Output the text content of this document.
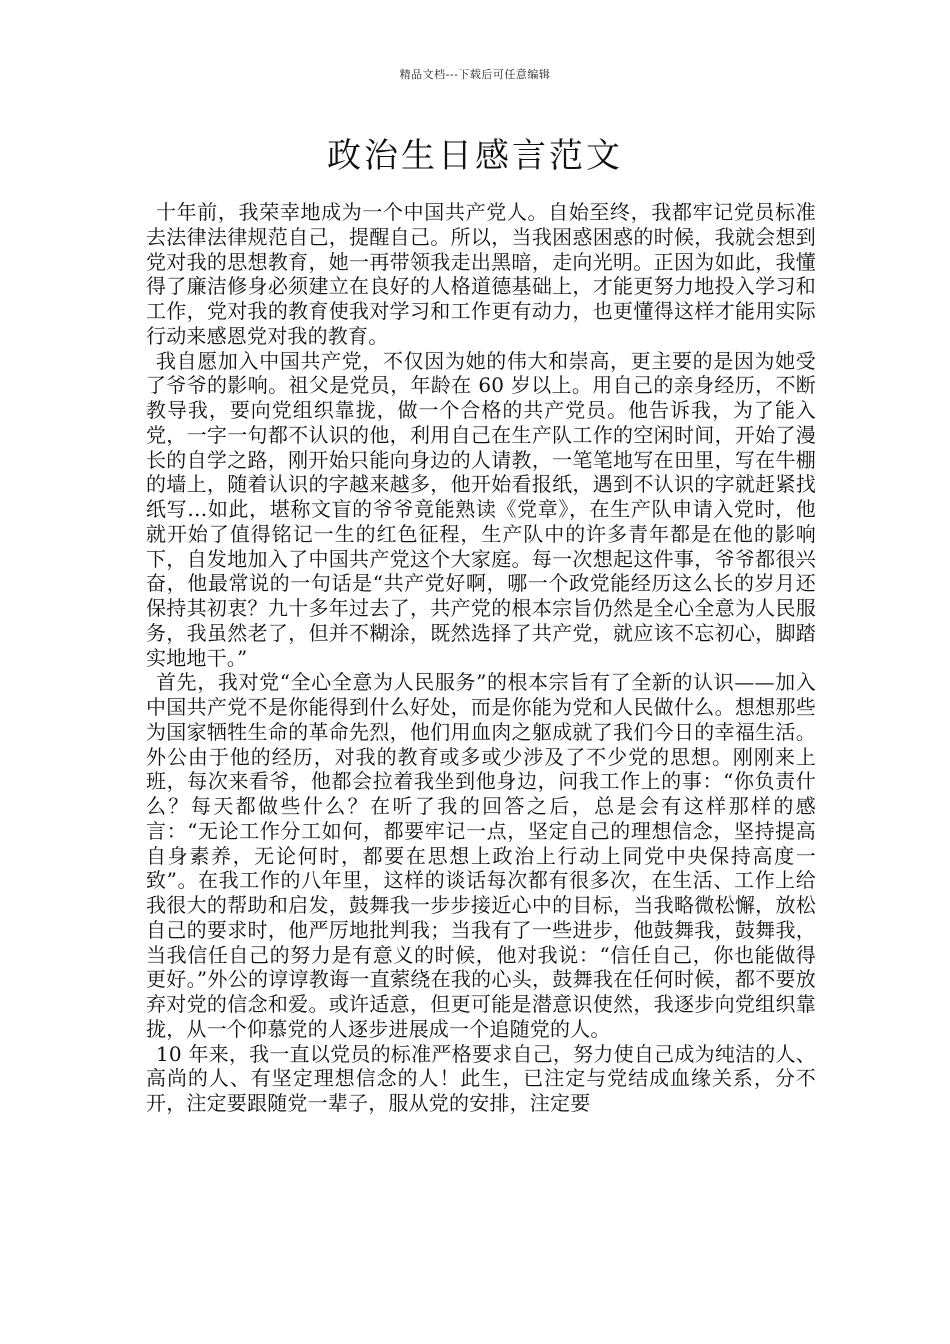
精品文档---下载后可任意编辑
政治生日感言范文

十年前，我荣幸地成为一个中国共产党人。自始至终，我都牢记党员标准去法律法律规范自己，提醒自己。所以，当我困惑困惑的时候，我就会想到党对我的思想教育，她一再带领我走出黑暗，走向光明。正因为如此，我懂得了廉洁修身必须建立在良好的人格道德基础上，才能更努力地投入学习和工作，党对我的教育使我对学习和工作更有动力，也更懂得这样才能用实际行动来感恩党对我的教育。

我自愿加入中国共产党，不仅因为她的伟大和崇高，更主要的是因为她受了爷爷的影响。祖父是党员，年龄在 60 岁以上。用自己的亲身经历，不断教导我，要向党组织靠拢，做一个合格的共产党员。他告诉我，为了能入党，一字一句都不认识的他，利用自己在生产队工作的空闲时间，开始了漫长的自学之路，刚开始只能向身边的人请教，一笔笔地写在田里，写在牛棚的墙上，随着认识的字越来越多，他开始看报纸，遇到不认识的字就赶紧找纸写…如此，堪称文盲的爷爷竟能熟读《党章》，在生产队申请入党时，他就开始了值得铭记一生的红色征程，生产队中的许多青年都是在他的影响下，自发地加入了中国共产党这个大家庭。每一次想起这件事，爷爷都很兴奋，他最常说的一句话是“共产党好啊，哪一个政党能经历这么长的岁月还保持其初衷？九十多年过去了，共产党的根本宗旨仍然是全心全意为人民服务，我虽然老了，但并不糊涂，既然选择了共产党，就应该不忘初心，脚踏实地地干。”

首先，我对党“全心全意为人民服务”的根本宗旨有了全新的认识——加入中国共产党不是你能得到什么好处，而是你能为党和人民做什么。想想那些为国家牺牲生命的革命先烈，他们用血肉之躯成就了我们今日的幸福生活。外公由于他的经历，对我的教育或多或少涉及了不少党的思想。刚刚来上班，每次来看爷，他都会拉着我坐到他身边，问我工作上的事：“你负责什么？每天都做些什么？在听了我的回答之后，总是会有这样那样的感言：“无论工作分工如何，都要牢记一点，坚定自己的理想信念，坚持提高自身素养，无论何时，都要在思想上政治上行动上同党中央保持高度一致”。在我工作的八年里，这样的谈话每次都有很多次，在生活、工作上给我很大的帮助和启发，鼓舞我一步步接近心中的目标，当我略微松懈，放松自己的要求时，他严厉地批判我；当我有了一些进步，他鼓舞我，鼓舞我，当我信任自己的努力是有意义的时候，他对我说：“信任自己，你也能做得更好。”外公的谆谆教诲一直萦绕在我的心头，鼓舞我在任何时候，都不要放弃对党的信念和爱。或许适意，但更可能是潜意识使然，我逐步向党组织靠拢，从一个仰慕党的人逐步进展成一个追随党的人。

10 年来，我一直以党员的标准严格要求自己，努力使自己成为纯洁的人、高尚的人、有坚定理想信念的人！此生，已注定与党结成血缘关系，分不开，注定要跟随党一辈子，服从党的安排，注定要
